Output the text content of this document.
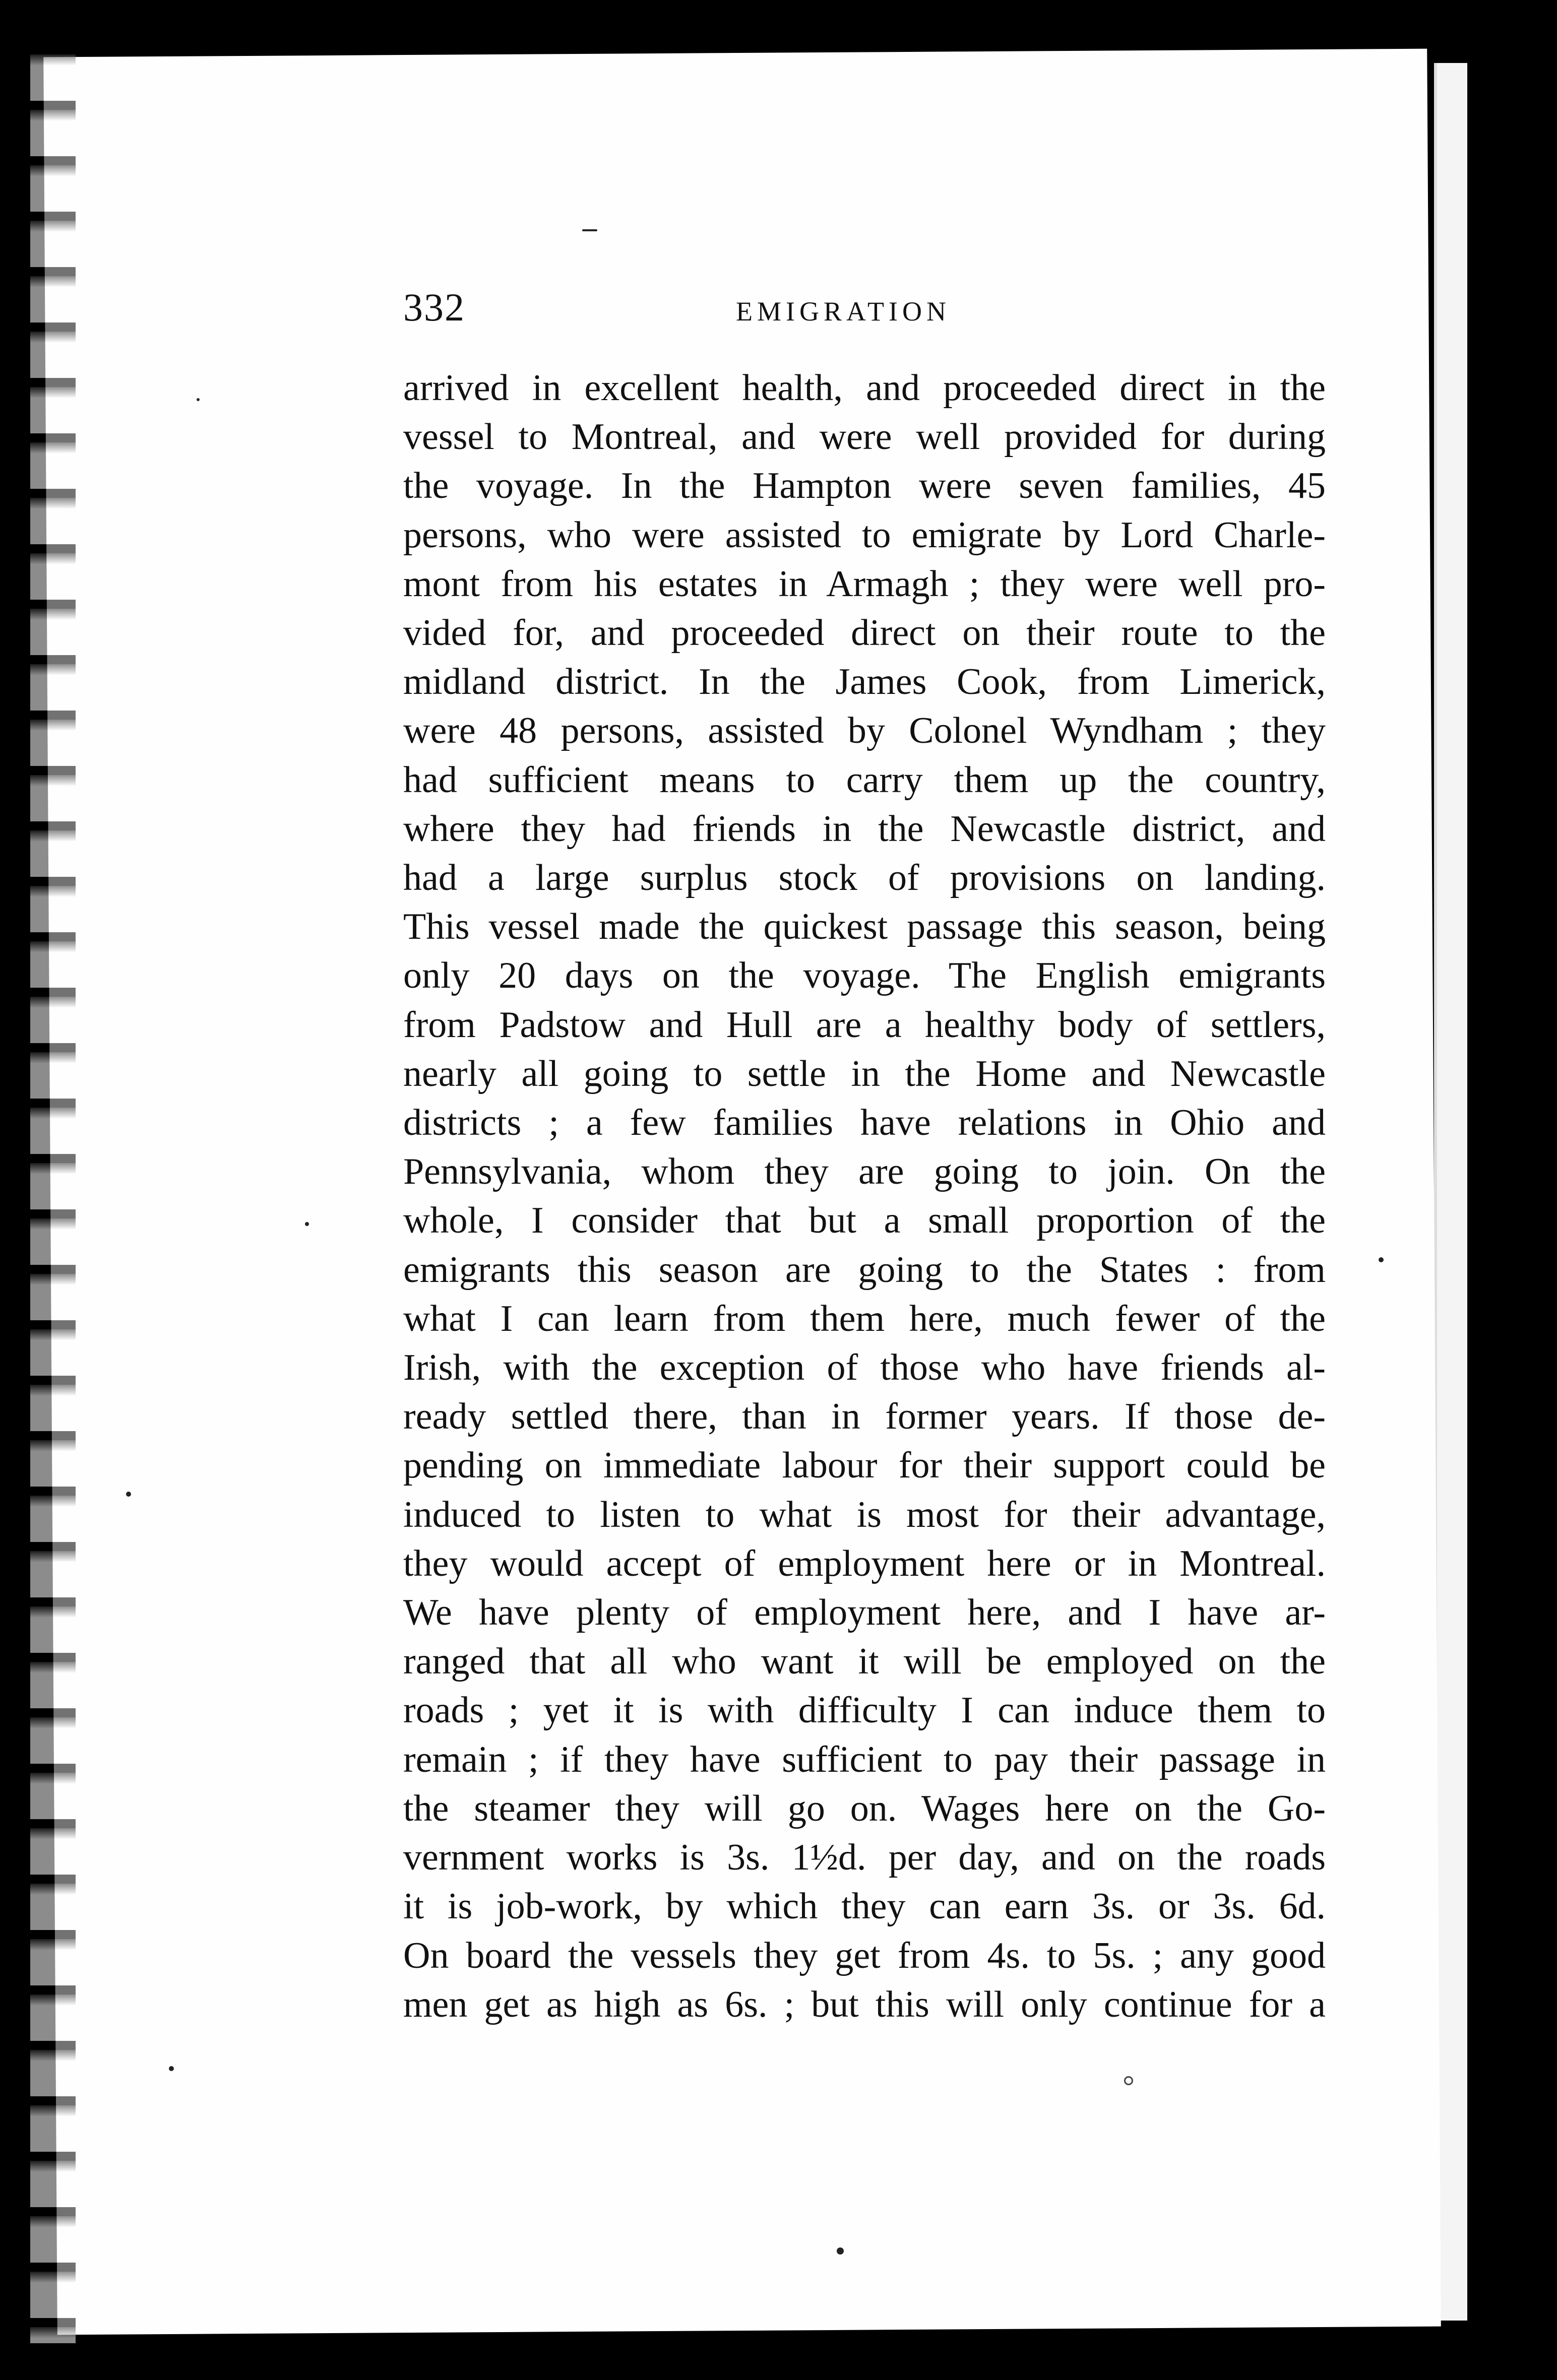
332	EMIGRATION
arrived in excellent health, and proceeded direct in the
vessel to Montreal, and were well provided for during
the voyage. In the Hampton were seven families, 45
persons, who were assisted to emigrate by Lord Charle-
mont from his estates in Armagh ; they were well pro-
vided for, and proceeded direct on their route to the
midland district. In the James Cook, from Limerick,
were 48 persons, assisted by Colonel Wyndham ; they
had sufficient means to carry them up the country,
where they had friends in the Newcastle district, and
had a large surplus stock of provisions on landing.
This vessel made the quickest passage this season, being
only 20 days on the voyage. The English emigrants
from Padstow and Hull are a healthy body of settlers,
nearly all going to settle in the Home and Newcastle
districts ; a few families have relations in Ohio and
Pennsylvania, whom they are going to join. On the
whole, I consider that but a small proportion of the
emigrants this season are going to the States : from
what I can learn from them here, much fewer of the
Irish, with the exception of those who have friends al-
ready settled there, than in former years. If those de-
pending on immediate labour for their support could be
induced to listen to what is most for their advantage,
they would accept of employment here or in Montreal.
We have plenty of employment here, and I have ar-
ranged that all who want it will be employed on the
roads ; yet it is with difficulty I can induce them to
remain ; if they have sufficient to pay their passage in
the steamer they will go on. Wages here on the Go-
vernment works is 3s. 1½d. per day, and on the roads
it is job-work, by which they can earn 3s. or 3s. 6d.
On board the vessels they get from 4s. to 5s. ; any good
men get as high as 6s. ; but this will only continue for a
